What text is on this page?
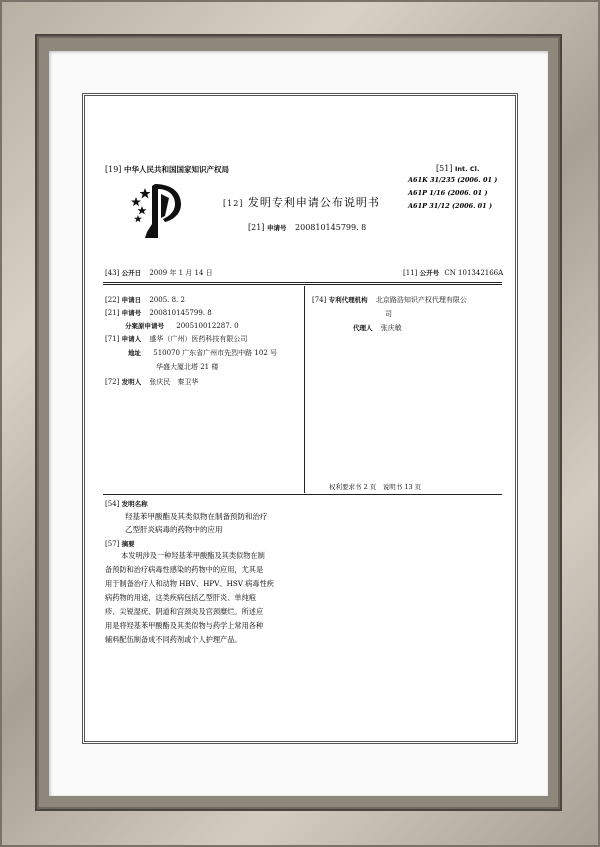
[19] 中华人民共和国国家知识产权局
[12] 发明专利申请公布说明书
[21] 申请号 200810145799. 8
[51] Int. Cl.
A61K 31/235 (2006. 01 )
A61P 1/16 (2006. 01 )
A61P 31/12 (2006. 01 )
[43] 公开日 2009 年 1 月 14 日	[11] 公开号 CN 101342166A
[22] 申请日 2005. 8. 2
[21] 申请号 200810145799. 8
分案原申请号 200510012287. 0
[71] 申请人 盛华（广州）医药科技有限公司
地址 510070 广东省广州市先烈中路 102 号
华盛大厦北塔 21 楼
[72] 发明人 张庆民　秦卫华
[74] 专利代理机构 北京路浩知识产权代理有限公
司
代理人 张庆敏
权利要求书 2 页　说明书 13 页
[54] 发明名称
羟基苯甲酸酯及其类似物在制备预防和治疗
乙型肝炎病毒的药物中的应用
[57] 摘要
本发明涉及一种羟基苯甲酸酯及其类似物在制
备预防和治疗病毒性感染的药物中的应用，尤其是
用于制备治疗人和动物 HBV、HPV、HSV 病毒性疾
病药物的用途，这类疾病包括乙型肝炎、单纯疱
疹、尖锐湿疣、阴道和宫颈炎及宫颈糜烂。所述应
用是将羟基苯甲酸酯及其类似物与药学上常用各种
辅料配伍制备成不同药剂或个人护理产品。
